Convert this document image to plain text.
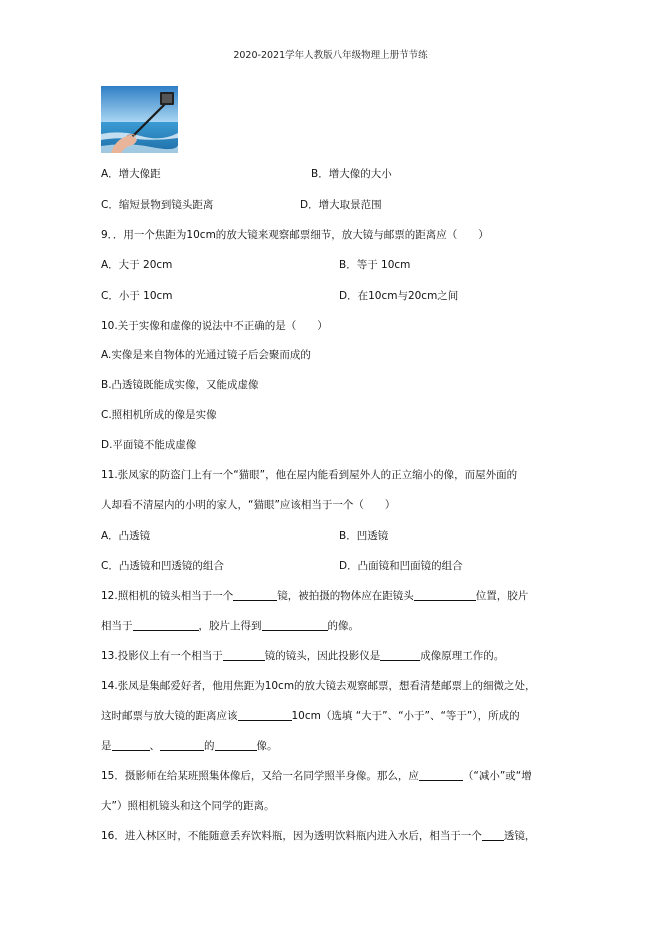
2020-2021学年人教版八年级物理上册节节练
A．增大像距	B．增大像的大小
C．缩短景物到镜头距离	D．增大取景范围
9．．用一个焦距为10cm的放大镜来观察邮票细节，放大镜与邮票的距离应（　　）
A．大于 20cm	B．等于 10cm
C．小于 10cm	D．在10cm与20cm之间
10.关于实像和虚像的说法中不正确的是（　　）
A.实像是来自物体的光通过镜子后会聚而成的
B.凸透镜既能成实像，又能成虚像
C.照相机所成的像是实像
D.平面镜不能成虚像
11.张凤家的防盗门上有一个“猫眼”，他在屋内能看到屋外人的正立缩小的像，而屋外面的
人却看不清屋内的小明的家人，“猫眼”应该相当于一个（　　）
A．凸透镜	B．凹透镜
C．凸透镜和凹透镜的组合	D．凸面镜和凹面镜的组合
12.照相机的镜头相当于一个	镜，被拍摄的物体应在距镜头	位置，胶片
相当于	，胶片上得到	的像。
13.投影仪上有一个相当于	镜的镜头，因此投影仪是	成像原理工作的。
14.张凤是集邮爱好者，他用焦距为10cm的放大镜去观察邮票，想看清楚邮票上的细微之处，
这时邮票与放大镜的距离应该	10cm（选填 “大于”、“小于”、“等于”），所成的
是	、	的	像。
15．摄影师在给某班照集体像后，又给一名同学照半身像。那么，应	（“减小”或“增
大”）照相机镜头和这个同学的距离。
16．进入林区时，不能随意丢弃饮料瓶，因为透明饮料瓶内进入水后，相当于一个 透镜，
